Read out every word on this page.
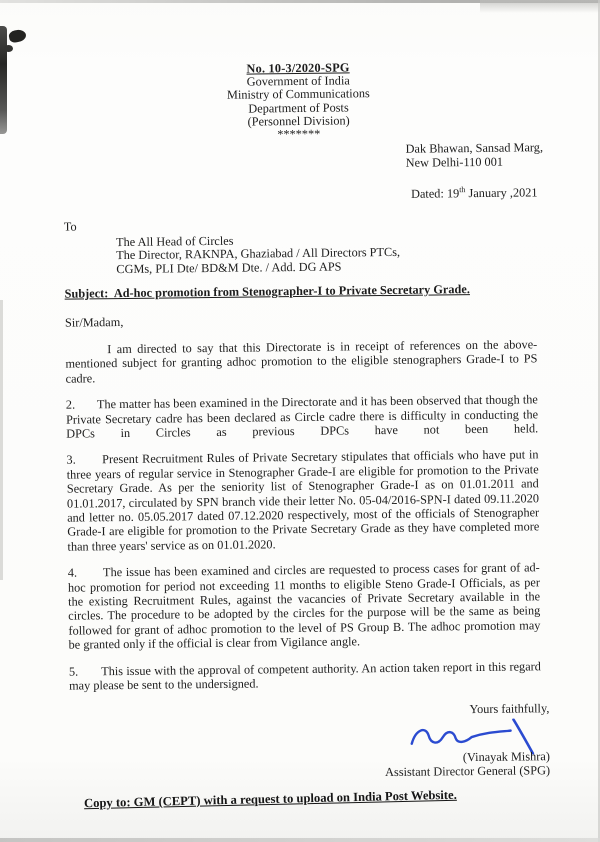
No. 10-3/2020-SPG
Government of India
Ministry of Communications
Department of Posts
(Personnel Division)
*******
Dak Bhawan, Sansad Marg,
New Delhi-110 001
Dated: 19th January ,2021
To
The All Head of Circles
The Director, RAKNPA, Ghaziabad / All Directors PTCs,
CGMs, PLI Dte/ BD&M Dte. / Add. DG APS
Subject:  Ad-hoc promotion from Stenographer-I to Private Secretary Grade.
Sir/Madam,

I am directed to say that this Directorate is in receipt of references on the above-mentioned subject for granting adhoc promotion to the eligible stenographers Grade-I to PS cadre.

2.       The matter has been examined in the Directorate and it has been observed that though the Private Secretary cadre has been declared as Circle cadre there is difficulty in conducting the DPCs in Circles as previous DPCs have not been held.

3.       Present Recruitment Rules of Private Secretary stipulates that officials who have put in three years of regular service in Stenographer Grade-I are eligible for promotion to the Private Secretary Grade. As per the seniority list of Stenographer Grade-I as on 01.01.2011 and 01.01.2017, circulated by SPN branch vide their letter No. 05-04/2016-SPN-I dated 09.11.2020 and letter no. 05.05.2017 dated 07.12.2020 respectively, most of the officials of Stenographer Grade-I are eligible for promotion to the Private Secretary Grade as they have completed more than three years' service as on 01.01.2020.

4.       The issue has been examined and circles are requested to process cases for grant of ad-hoc promotion for period not exceeding 11 months to eligible Steno Grade-I Officials, as per the existing Recruitment Rules, against the vacancies of Private Secretary available in the circles. The procedure to be adopted by the circles for the purpose will be the same as being followed for grant of adhoc promotion to the level of PS Group B. The adhoc promotion may be granted only if the official is clear from Vigilance angle.

5.       This issue with the approval of competent authority. An action taken report in this regard may please be sent to the undersigned.

Yours faithfully,
(Vinayak Mishra)
Assistant Director General (SPG)
Copy to: GM (CEPT) with a request to upload on India Post Website.
